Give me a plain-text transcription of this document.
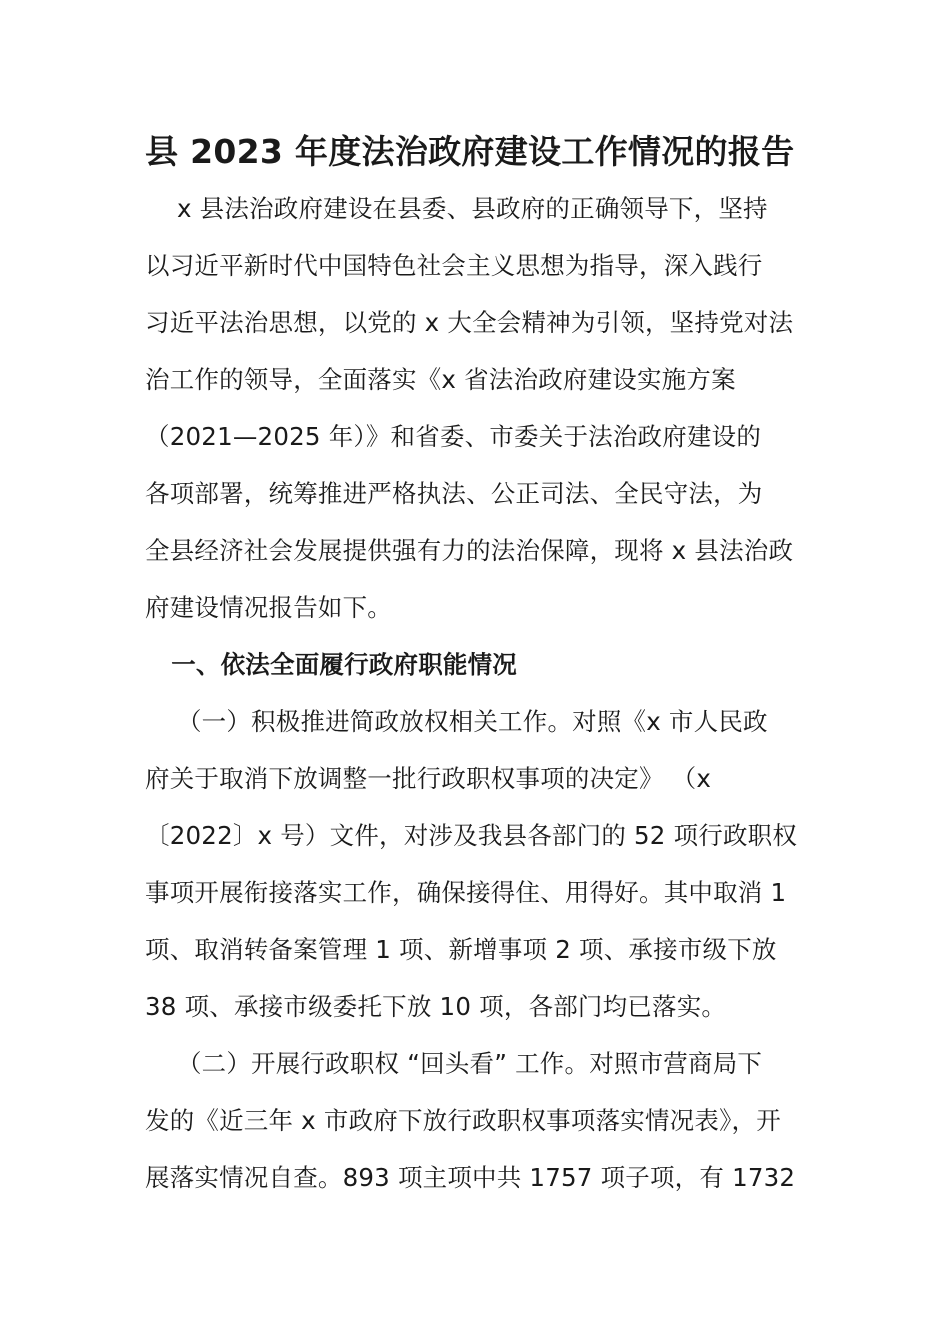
县 2023 年度法治政府建设工作情况的报告
x 县法治政府建设在县委、县政府的正确领导下，坚持
以习近平新时代中国特色社会主义思想为指导，深入践行
习近平法治思想，以党的 x 大全会精神为引领，坚持党对法
治工作的领导，全面落实《x 省法治政府建设实施方案
（2021—2025 年）》和省委、市委关于法治政府建设的
各项部署，统筹推进严格执法、公正司法、全民守法，为
全县经济社会发展提供强有力的法治保障，现将 x 县法治政
府建设情况报告如下。
一、依法全面履行政府职能情况
（一）积极推进简政放权相关工作。对照《x 市人民政
府关于取消下放调整一批行政职权事项的决定》 （x
〔2022〕x 号）文件，对涉及我县各部门的 52 项行政职权
事项开展衔接落实工作，确保接得住、用得好。其中取消 1
项、取消转备案管理 1 项、新增事项 2 项、承接市级下放
38 项、承接市级委托下放 10 项，各部门均已落实。
（二）开展行政职权 “回头看” 工作。对照市营商局下
发的《近三年 x 市政府下放行政职权事项落实情况表》，开
展落实情况自查。893 项主项中共 1757 项子项，有 1732
